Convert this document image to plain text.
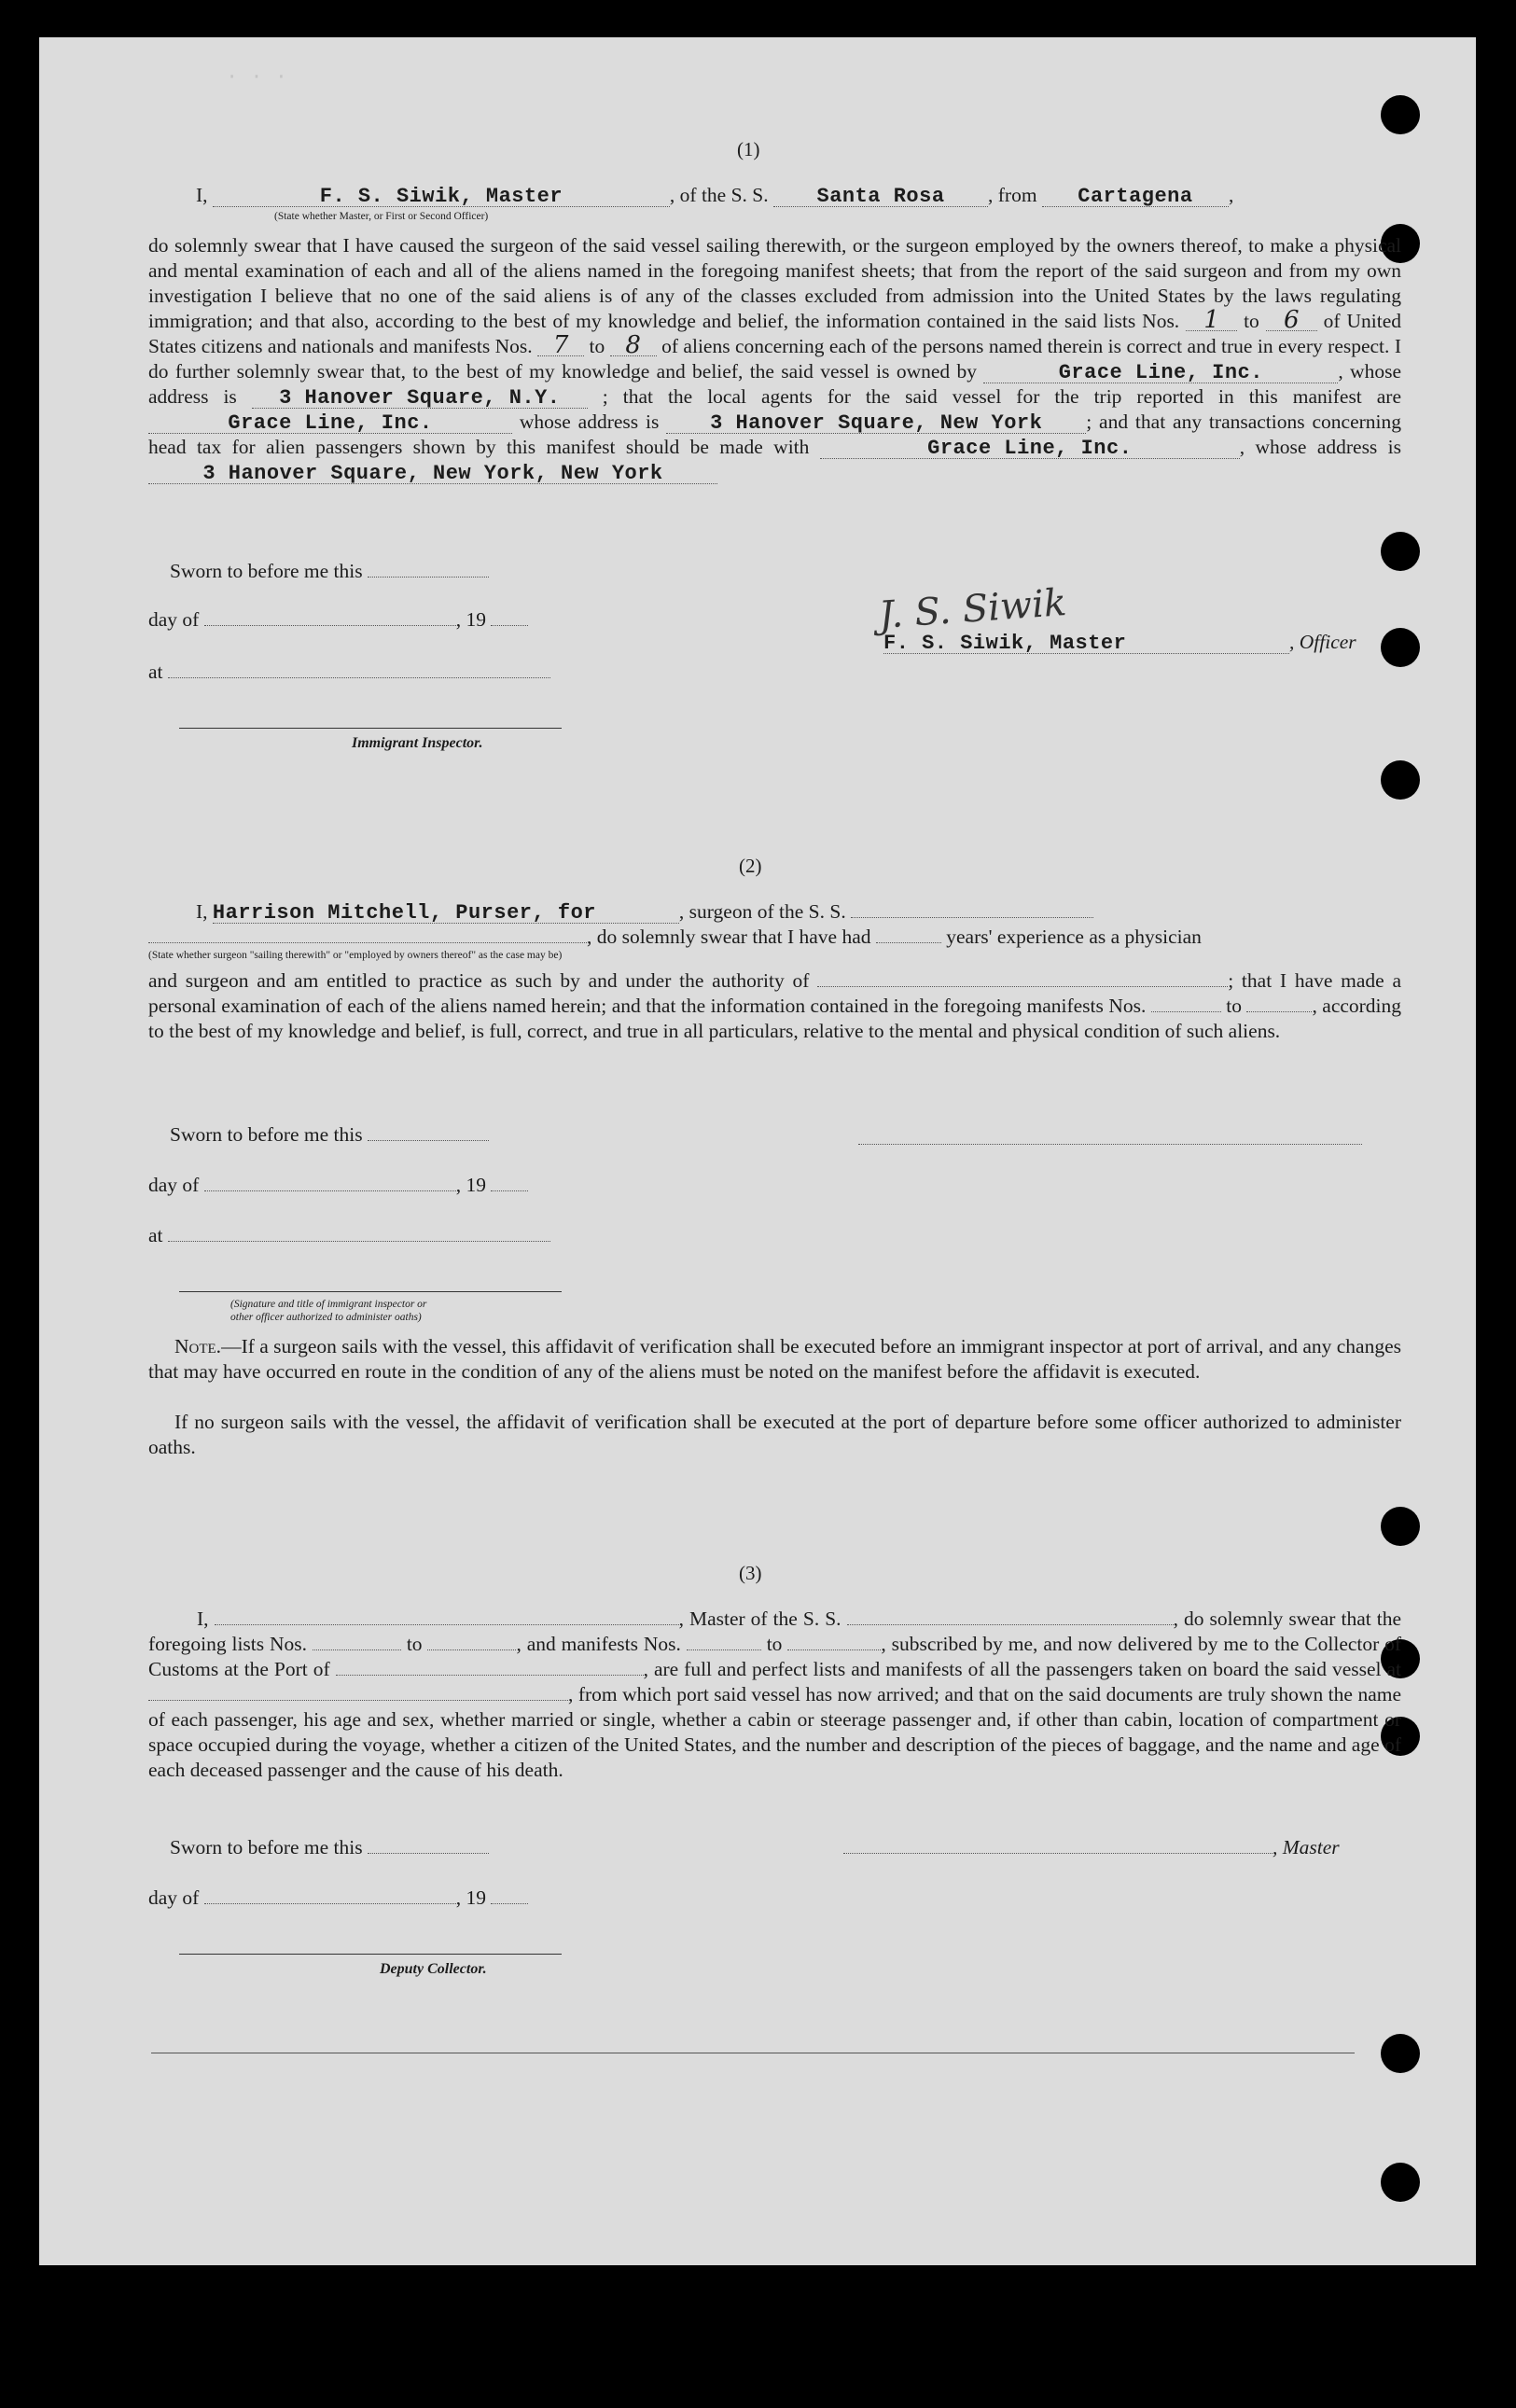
· · ·
(1)
I,	F. S. Siwik, Master	, of the S. S. Santa Rosa , from Cartagena ,
(State whether Master, or First or Second Officer)
do solemnly swear that I have caused the surgeon of the said vessel sailing therewith, or the surgeon employed by the owners thereof, to make a physical and mental examination of each and all of the aliens named in the foregoing manifest sheets; that from the report of the said surgeon and from my own investigation I believe that no one of the said aliens is of any of the classes excluded from admission into the United States by the laws regulating immigration; and that also, according to the best of my knowledge and belief, the information contained in the said lists Nos. 1 to 6 of United States citizens and nationals and manifests Nos. 7 to 8 of aliens concerning each of the persons named therein is correct and true in every respect. I do further solemnly swear that, to the best of my knowledge and belief, the said vessel is owned by	Grace Line, Inc.	, whose address is 3 Hanover Square, N.Y. ; that the local agents for the said vessel for the trip reported in this manifest are Grace Line, Inc.	whose address is 3 Hanover Square, New York ; and that any transactions concerning head tax for alien passengers shown by this manifest should be made with	Grace Line, Inc.	, whose address is 3 Hanover Square, New York, New York
Sworn to before me this
day of	, 19
at
Immigrant Inspector.
J. S. Siwik
F. S. Siwik, Master	, Officer
(2)
I, Harrison Mitchell, Purser, for	, surgeon of the S. S.
, do solemnly swear that I have had	years' experience as a physician
(State whether surgeon "sailing therewith" or "employed by owners thereof" as the case may be)
and surgeon and am entitled to practice as such by and under the authority of	; that I have made a personal examination of each of the aliens named herein; and that the information contained in the foregoing manifests Nos.	to	, according to the best of my knowledge and belief, is full, correct, and true in all particulars, relative to the mental and physical condition of such aliens.
Sworn to before me this
day of	, 19
at
(Signature and title of immigrant inspector or
other officer authorized to administer oaths)
Note.—If a surgeon sails with the vessel, this affidavit of verification shall be executed before an immigrant inspector at port of arrival, and any changes that may have occurred en route in the condition of any of the aliens must be noted on the manifest before the affidavit is executed.
If no surgeon sails with the vessel, the affidavit of verification shall be executed at the port of departure before some officer authorized to administer oaths.
(3)
I,	, Master of the S. S.	, do solemnly swear that the foregoing lists Nos.	to	, and manifests Nos.	to	, subscribed by me, and now delivered by me to the Collector of Customs at the Port of	, are full and perfect lists and manifests of all the passengers taken on board the said vessel at , from which port said vessel has now arrived; and that on the said documents are truly shown the name of each passenger, his age and sex, whether married or single, whether a cabin or steerage passenger and, if other than cabin, location of compartment or space occupied during the voyage, whether a citizen of the United States, and the number and description of the pieces of baggage, and the name and age of each deceased passenger and the cause of his death.
Sworn to before me this	, Master
day of	, 19
Deputy Collector.
